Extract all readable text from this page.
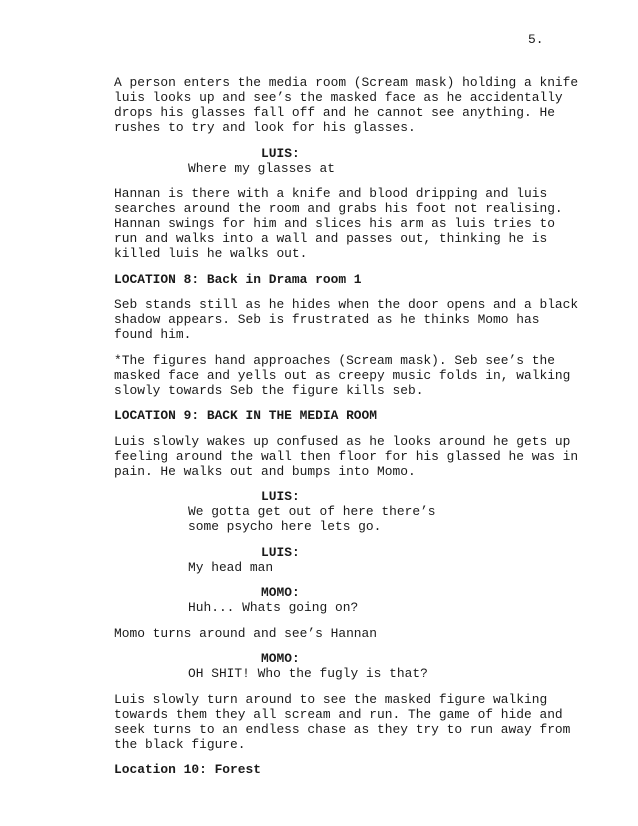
5.
A person enters the media room (Scream mask) holding a knife
luis looks up and see’s the masked face as he accidentally
drops his glasses fall off and he cannot see anything. He
rushes to try and look for his glasses.
LUIS:
Where my glasses at
Hannan is there with a knife and blood dripping and luis
searches around the room and grabs his foot not realising.
Hannan swings for him and slices his arm as luis tries to
run and walks into a wall and passes out, thinking he is
killed luis he walks out.
LOCATION 8: Back in Drama room 1
Seb stands still as he hides when the door opens and a black
shadow appears. Seb is frustrated as he thinks Momo has
found him.
*The figures hand approaches (Scream mask). Seb see’s the
masked face and yells out as creepy music folds in, walking
slowly towards Seb the figure kills seb.
LOCATION 9: BACK IN THE MEDIA ROOM
Luis slowly wakes up confused as he looks around he gets up
feeling around the wall then floor for his glassed he was in
pain. He walks out and bumps into Momo.
LUIS:
We gotta get out of here there’s
some psycho here lets go.
LUIS:
My head man
MOMO:
Huh... Whats going on?
Momo turns around and see’s Hannan
MOMO:
OH SHIT! Who the fugly is that?
Luis slowly turn around to see the masked figure walking
towards them they all scream and run. The game of hide and
seek turns to an endless chase as they try to run away from
the black figure.
Location 10: Forest
